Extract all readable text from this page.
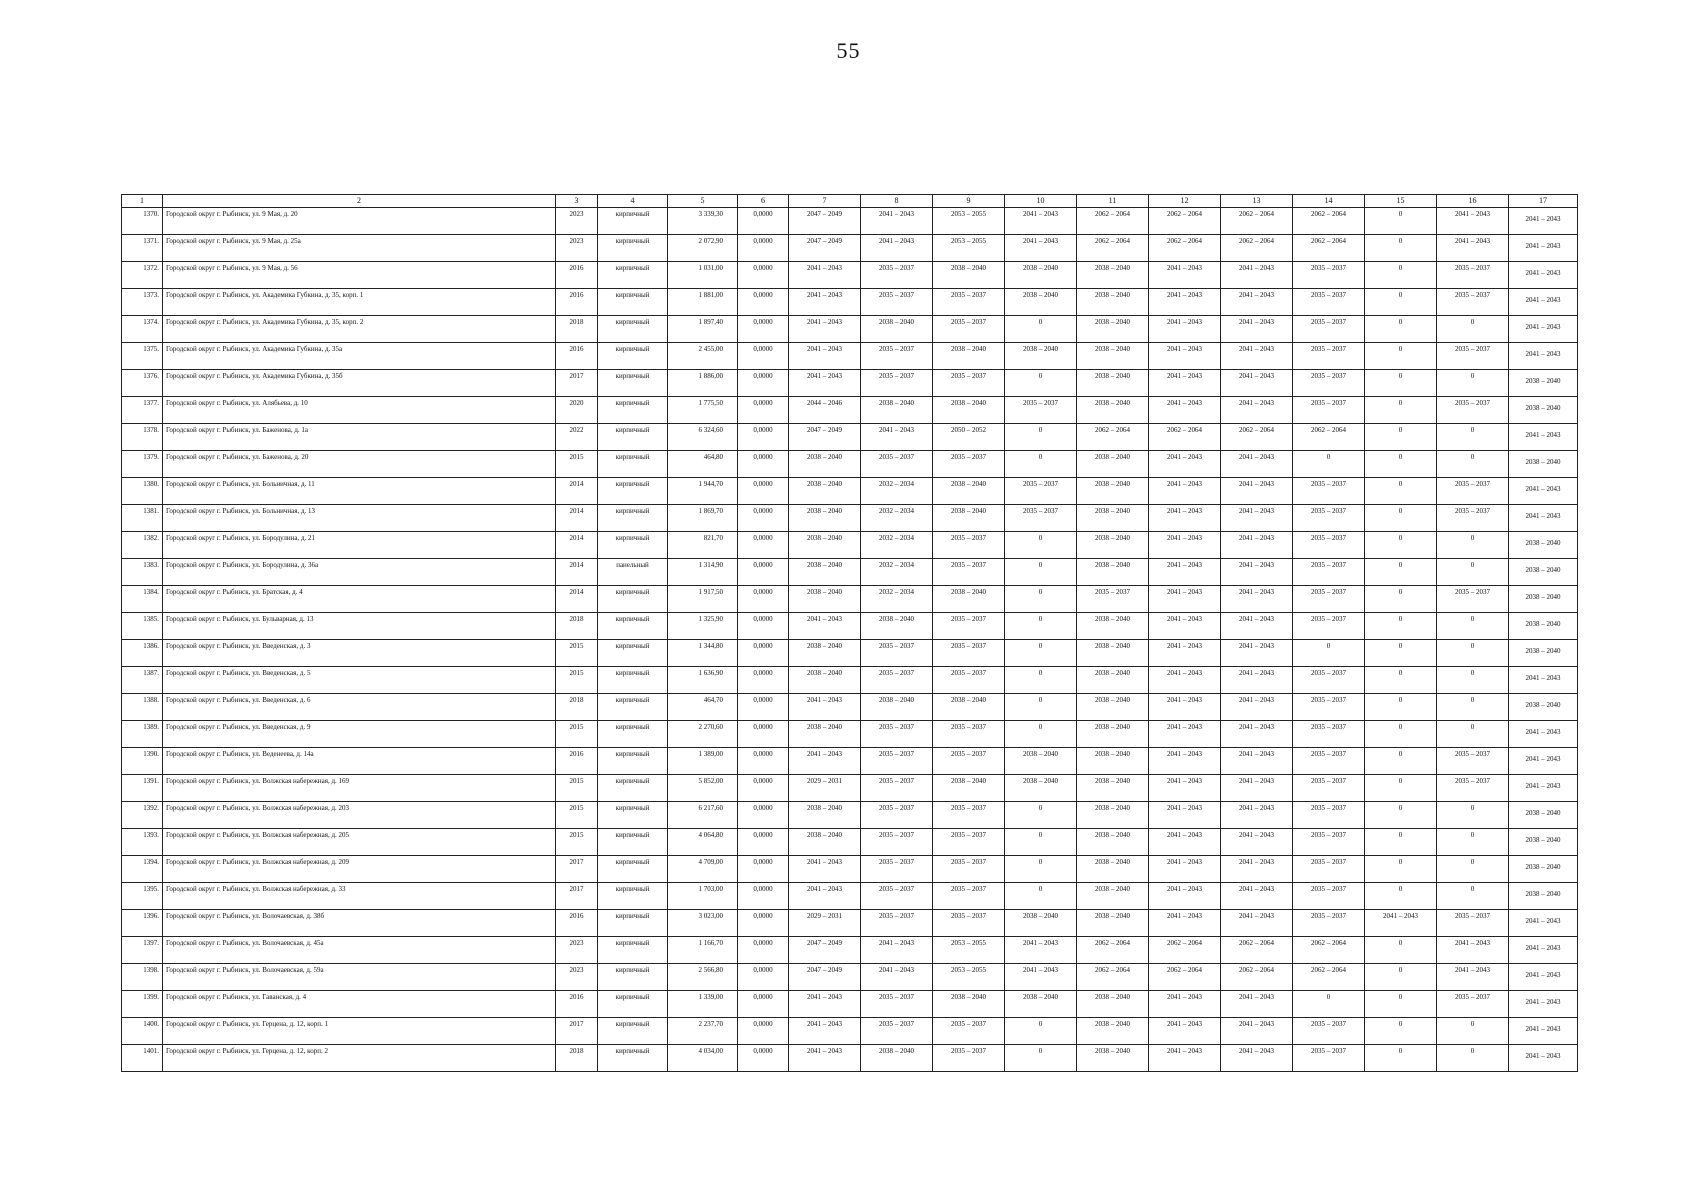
55
1	2	3	4	5	6	7	8	9	10	11	12	13	14	15	16	17
1370.	Городской округ г. Рыбинск, ул. 9 Мая, д. 20	2023	кирпичный	3 339,30	0,0000	2047 – 2049	2041 – 2043	2053 – 2055	2041 – 2043	2062 – 2064	2062 – 2064	2062 – 2064	2062 – 2064	0	2041 – 2043	2041 – 2043
1371.	Городской округ г. Рыбинск, ул. 9 Мая, д. 25а	2023	кирпичный	2 072,90	0,0000	2047 – 2049	2041 – 2043	2053 – 2055	2041 – 2043	2062 – 2064	2062 – 2064	2062 – 2064	2062 – 2064	0	2041 – 2043	2041 – 2043
1372.	Городской округ г. Рыбинск, ул. 9 Мая, д. 56	2016	кирпичный	1 031,00	0,0000	2041 – 2043	2035 – 2037	2038 – 2040	2038 – 2040	2038 – 2040	2041 – 2043	2041 – 2043	2035 – 2037	0	2035 – 2037	2041 – 2043
1373.	Городской округ г. Рыбинск, ул. Академика Губкина, д. 35, корп. 1	2016	кирпичный	1 881,00	0,0000	2041 – 2043	2035 – 2037	2035 – 2037	2038 – 2040	2038 – 2040	2041 – 2043	2041 – 2043	2035 – 2037	0	2035 – 2037	2041 – 2043
1374.	Городской округ г. Рыбинск, ул. Академика Губкина, д. 35, корп. 2	2018	кирпичный	1 897,40	0,0000	2041 – 2043	2038 – 2040	2035 – 2037	0	2038 – 2040	2041 – 2043	2041 – 2043	2035 – 2037	0	0	2041 – 2043
1375.	Городской округ г. Рыбинск, ул. Академика Губкина, д. 35а	2016	кирпичный	2 455,00	0,0000	2041 – 2043	2035 – 2037	2038 – 2040	2038 – 2040	2038 – 2040	2041 – 2043	2041 – 2043	2035 – 2037	0	2035 – 2037	2041 – 2043
1376.	Городской округ г. Рыбинск, ул. Академика Губкина, д. 35б	2017	кирпичный	1 886,00	0,0000	2041 – 2043	2035 – 2037	2035 – 2037	0	2038 – 2040	2041 – 2043	2041 – 2043	2035 – 2037	0	0	2038 – 2040
1377.	Городской округ г. Рыбинск, ул. Алябьева, д. 10	2020	кирпичный	1 775,50	0,0000	2044 – 2046	2038 – 2040	2038 – 2040	2035 – 2037	2038 – 2040	2041 – 2043	2041 – 2043	2035 – 2037	0	2035 – 2037	2038 – 2040
1378.	Городской округ г. Рыбинск, ул. Баженова, д. 1а	2022	кирпичный	6 324,60	0,0000	2047 – 2049	2041 – 2043	2050 – 2052	0	2062 – 2064	2062 – 2064	2062 – 2064	2062 – 2064	0	0	2041 – 2043
1379.	Городской округ г. Рыбинск, ул. Баженова, д. 20	2015	кирпичный	464,80	0,0000	2038 – 2040	2035 – 2037	2035 – 2037	0	2038 – 2040	2041 – 2043	2041 – 2043	0	0	0	2038 – 2040
1380.	Городской округ г. Рыбинск, ул. Больничная, д. 11	2014	кирпичный	1 944,70	0,0000	2038 – 2040	2032 – 2034	2038 – 2040	2035 – 2037	2038 – 2040	2041 – 2043	2041 – 2043	2035 – 2037	0	2035 – 2037	2041 – 2043
1381.	Городской округ г. Рыбинск, ул. Больничная, д. 13	2014	кирпичный	1 869,70	0,0000	2038 – 2040	2032 – 2034	2038 – 2040	2035 – 2037	2038 – 2040	2041 – 2043	2041 – 2043	2035 – 2037	0	2035 – 2037	2041 – 2043
1382.	Городской округ г. Рыбинск, ул. Бородулина, д. 21	2014	кирпичный	821,70	0,0000	2038 – 2040	2032 – 2034	2035 – 2037	0	2038 – 2040	2041 – 2043	2041 – 2043	2035 – 2037	0	0	2038 – 2040
1383.	Городской округ г. Рыбинск, ул. Бородулина, д. 36а	2014	панельный	1 314,90	0,0000	2038 – 2040	2032 – 2034	2035 – 2037	0	2038 – 2040	2041 – 2043	2041 – 2043	2035 – 2037	0	0	2038 – 2040
1384.	Городской округ г. Рыбинск, ул. Братская, д. 4	2014	кирпичный	1 917,50	0,0000	2038 – 2040	2032 – 2034	2038 – 2040	0	2035 – 2037	2041 – 2043	2041 – 2043	2035 – 2037	0	2035 – 2037	2038 – 2040
1385.	Городской округ г. Рыбинск, ул. Бульварная, д. 13	2018	кирпичный	1 325,90	0,0000	2041 – 2043	2038 – 2040	2035 – 2037	0	2038 – 2040	2041 – 2043	2041 – 2043	2035 – 2037	0	0	2038 – 2040
1386.	Городской округ г. Рыбинск, ул. Введенская, д. 3	2015	кирпичный	1 344,80	0,0000	2038 – 2040	2035 – 2037	2035 – 2037	0	2038 – 2040	2041 – 2043	2041 – 2043	0	0	0	2038 – 2040
1387.	Городской округ г. Рыбинск, ул. Введенская, д. 5	2015	кирпичный	1 636,90	0,0000	2038 – 2040	2035 – 2037	2035 – 2037	0	2038 – 2040	2041 – 2043	2041 – 2043	2035 – 2037	0	0	2041 – 2043
1388.	Городской округ г. Рыбинск, ул. Введенская, д. 6	2018	кирпичный	464,70	0,0000	2041 – 2043	2038 – 2040	2038 – 2040	0	2038 – 2040	2041 – 2043	2041 – 2043	2035 – 2037	0	0	2038 – 2040
1389.	Городской округ г. Рыбинск, ул. Введенская, д. 9	2015	кирпичный	2 270,60	0,0000	2038 – 2040	2035 – 2037	2035 – 2037	0	2038 – 2040	2041 – 2043	2041 – 2043	2035 – 2037	0	0	2041 – 2043
1390.	Городской округ г. Рыбинск, ул. Веденеева, д. 14а	2016	кирпичный	1 389,00	0,0000	2041 – 2043	2035 – 2037	2035 – 2037	2038 – 2040	2038 – 2040	2041 – 2043	2041 – 2043	2035 – 2037	0	2035 – 2037	2041 – 2043
1391.	Городской округ г. Рыбинск, ул. Волжская набережная, д. 169	2015	кирпичный	5 852,00	0,0000	2029 – 2031	2035 – 2037	2038 – 2040	2038 – 2040	2038 – 2040	2041 – 2043	2041 – 2043	2035 – 2037	0	2035 – 2037	2041 – 2043
1392.	Городской округ г. Рыбинск, ул. Волжская набережная, д. 203	2015	кирпичный	6 217,60	0,0000	2038 – 2040	2035 – 2037	2035 – 2037	0	2038 – 2040	2041 – 2043	2041 – 2043	2035 – 2037	0	0	2038 – 2040
1393.	Городской округ г. Рыбинск, ул. Волжская набережная, д. 205	2015	кирпичный	4 064,80	0,0000	2038 – 2040	2035 – 2037	2035 – 2037	0	2038 – 2040	2041 – 2043	2041 – 2043	2035 – 2037	0	0	2038 – 2040
1394.	Городской округ г. Рыбинск, ул. Волжская набережная, д. 209	2017	кирпичный	4 709,00	0,0000	2041 – 2043	2035 – 2037	2035 – 2037	0	2038 – 2040	2041 – 2043	2041 – 2043	2035 – 2037	0	0	2038 – 2040
1395.	Городской округ г. Рыбинск, ул. Волжская набережная, д. 33	2017	кирпичный	1 703,00	0,0000	2041 – 2043	2035 – 2037	2035 – 2037	0	2038 – 2040	2041 – 2043	2041 – 2043	2035 – 2037	0	0	2038 – 2040
1396.	Городской округ г. Рыбинск, ул. Волочаевская, д. 38б	2016	кирпичный	3 023,00	0,0000	2029 – 2031	2035 – 2037	2035 – 2037	2038 – 2040	2038 – 2040	2041 – 2043	2041 – 2043	2035 – 2037	2041 – 2043	2035 – 2037	2041 – 2043
1397.	Городской округ г. Рыбинск, ул. Волочаевская, д. 45а	2023	кирпичный	1 166,70	0,0000	2047 – 2049	2041 – 2043	2053 – 2055	2041 – 2043	2062 – 2064	2062 – 2064	2062 – 2064	2062 – 2064	0	2041 – 2043	2041 – 2043
1398.	Городской округ г. Рыбинск, ул. Волочаевская, д. 59а	2023	кирпичный	2 566,80	0,0000	2047 – 2049	2041 – 2043	2053 – 2055	2041 – 2043	2062 – 2064	2062 – 2064	2062 – 2064	2062 – 2064	0	2041 – 2043	2041 – 2043
1399.	Городской округ г. Рыбинск, ул. Гаванская, д. 4	2016	кирпичный	1 339,00	0,0000	2041 – 2043	2035 – 2037	2038 – 2040	2038 – 2040	2038 – 2040	2041 – 2043	2041 – 2043	0	0	2035 – 2037	2041 – 2043
1400.	Городской округ г. Рыбинск, ул. Герцена, д. 12, корп. 1	2017	кирпичный	2 237,70	0,0000	2041 – 2043	2035 – 2037	2035 – 2037	0	2038 – 2040	2041 – 2043	2041 – 2043	2035 – 2037	0	0	2041 – 2043
1401.	Городской округ г. Рыбинск, ул. Герцена, д. 12, корп. 2	2018	кирпичный	4 034,00	0,0000	2041 – 2043	2038 – 2040	2035 – 2037	0	2038 – 2040	2041 – 2043	2041 – 2043	2035 – 2037	0	0	2041 – 2043
